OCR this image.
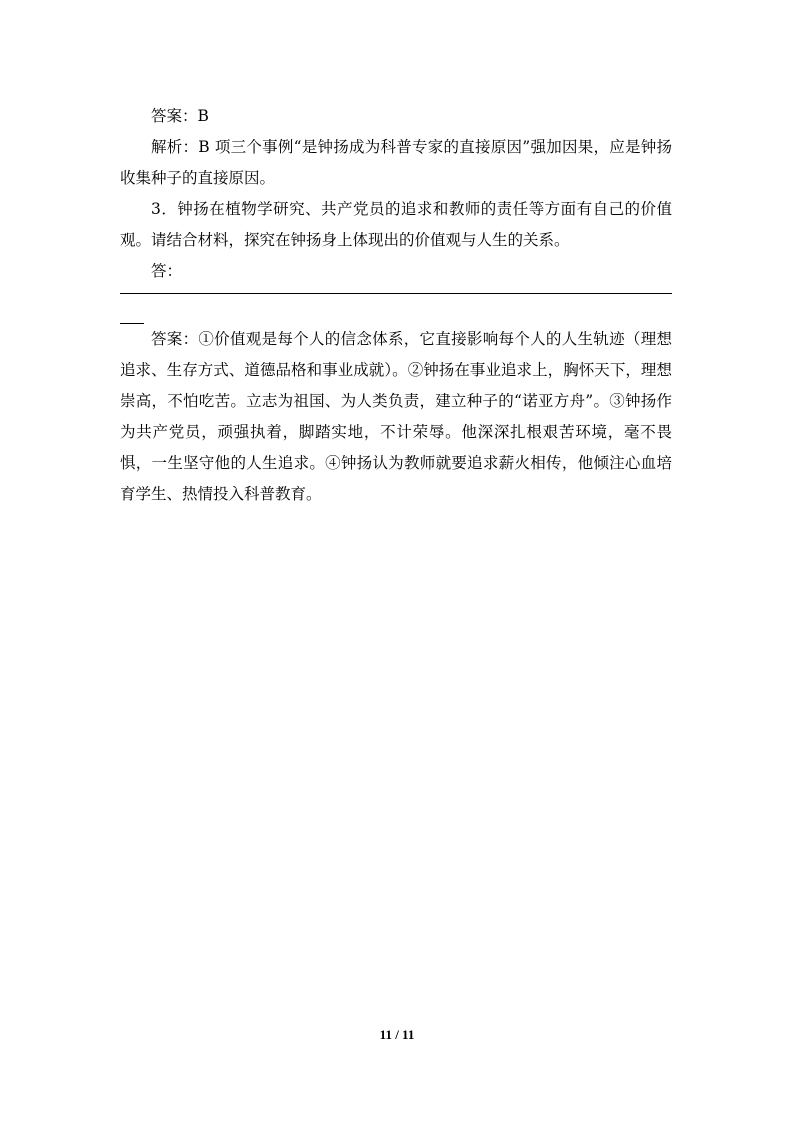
答案：B

解析：B 项三个事例“是钟扬成为科普专家的直接原因”强加因果，应是钟扬收集种子的直接原因。

3．钟扬在植物学研究、共产党员的追求和教师的责任等方面有自己的价值观。请结合材料，探究在钟扬身上体现出的价值观与人生的关系。

答：

答案：①价值观是每个人的信念体系，它直接影响每个人的人生轨迹（理想追求、生存方式、道德品格和事业成就）。②钟扬在事业追求上，胸怀天下，理想崇高，不怕吃苦。立志为祖国、为人类负责，建立种子的“诺亚方舟”。③钟扬作为共产党员，顽强执着，脚踏实地，不计荣辱。他深深扎根艰苦环境，毫不畏惧，一生坚守他的人生追求。④钟扬认为教师就要追求薪火相传，他倾注心血培育学生、热情投入科普教育。

11 / 11
